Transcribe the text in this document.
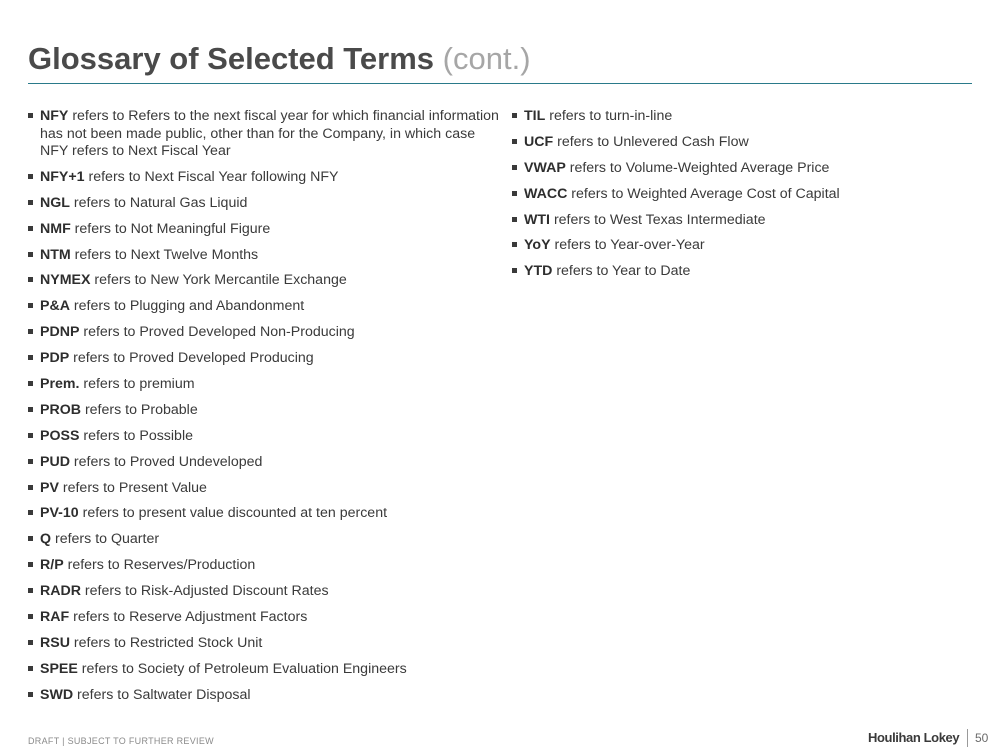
Glossary of Selected Terms (cont.)
NFY refers to Refers to the next fiscal year for which financial information has not been made public, other than for the Company, in which case NFY refers to Next Fiscal Year
NFY+1 refers to Next Fiscal Year following NFY
NGL refers to Natural Gas Liquid
NMF refers to Not Meaningful Figure
NTM refers to Next Twelve Months
NYMEX refers to New York Mercantile Exchange
P&A refers to Plugging and Abandonment
PDNP refers to Proved Developed Non-Producing
PDP refers to Proved Developed Producing
Prem. refers to premium
PROB refers to Probable
POSS refers to Possible
PUD refers to Proved Undeveloped
PV refers to Present Value
PV-10 refers to present value discounted at ten percent
Q refers to Quarter
R/P refers to Reserves/Production
RADR refers to Risk-Adjusted Discount Rates
RAF refers to Reserve Adjustment Factors
RSU refers to Restricted Stock Unit
SPEE refers to Society of Petroleum Evaluation Engineers
SWD refers to Saltwater Disposal
TIL refers to turn-in-line
UCF refers to Unlevered Cash Flow
VWAP refers to Volume-Weighted Average Price
WACC refers to Weighted Average Cost of Capital
WTI refers to West Texas Intermediate
YoY refers to Year-over-Year
YTD refers to Year to Date
DRAFT | SUBJECT TO FURTHER REVIEW	Houlihan Lokey 50
